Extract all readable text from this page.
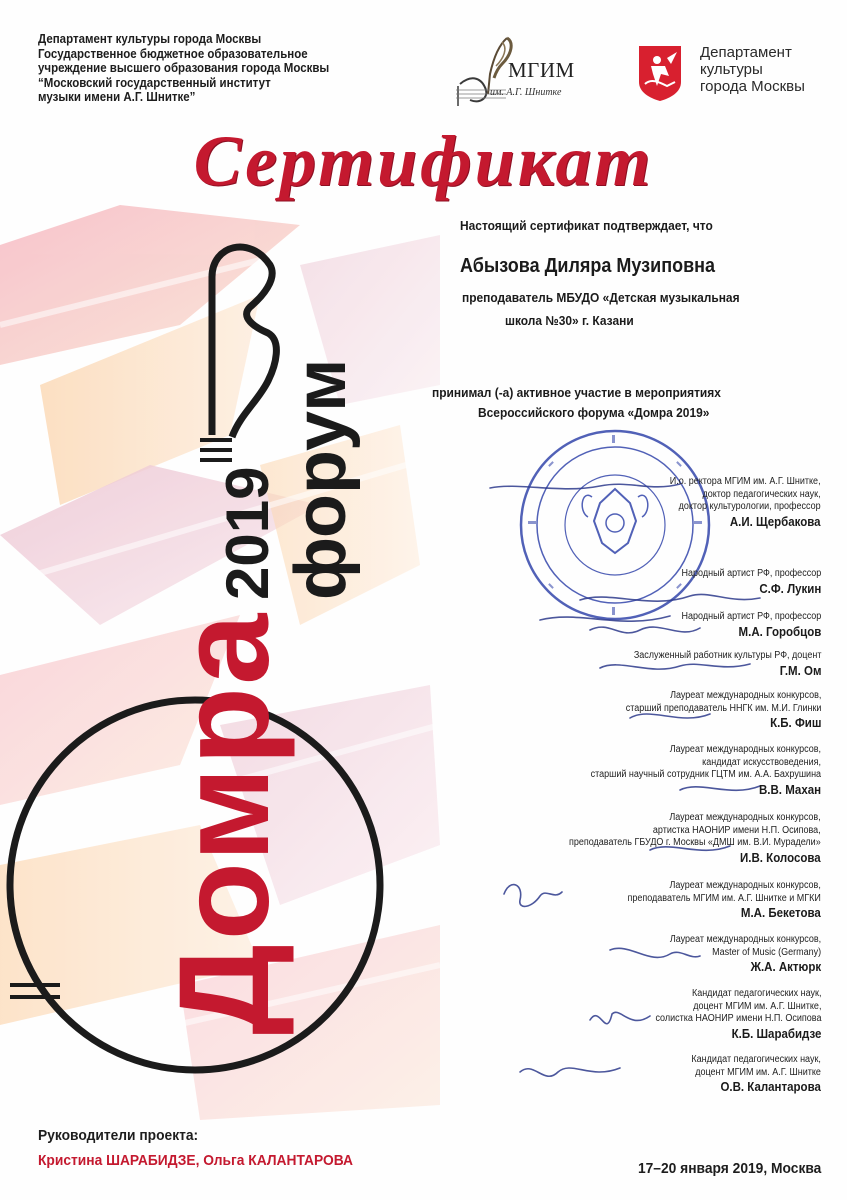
Департамент культуры города Москвы
Государственное бюджетное образовательное
учреждение высшего образования города Москвы
“Московский государственный институт
музыки имени А.Г. Шнитке”
МГИМ
им. А.Г. Шнитке
Департамент
культуры
города Москвы
Сертификат
Домра
форум
2019
Настоящий сертификат подтверждает, что
Абызова Диляра Музиповна
преподаватель МБУДО «Детская музыкальная
школа №30» г. Казани
принимал (-а) активное участие в мероприятиях
Всероссийского форума «Домра 2019»
И.о. ректора МГИМ им. А.Г. Шнитке,
доктор педагогических наук,
доктор культурологии, профессор
А.И. Щербакова
Народный артист РФ, профессор
С.Ф. Лукин
Народный артист РФ, профессор
М.А. Горобцов
Заслуженный работник культуры РФ, доцент
Г.М. Ом
Лауреат международных конкурсов,
старший преподаватель ННГК им. М.И. Глинки
К.Б. Фиш
Лауреат международных конкурсов,
кандидат искусствоведения,
старший научный сотрудник ГЦТМ им. А.А. Бахрушина
В.В. Махан
Лауреат международных конкурсов,
артистка НАОНИР имени Н.П. Осипова,
преподаватель ГБУДО г. Москвы «ДМШ им. В.И. Мурадели»
И.В. Колосова
Лауреат международных конкурсов,
преподаватель МГИМ им. А.Г. Шнитке и МГКИ
М.А. Бекетова
Лауреат международных конкурсов,
Master of Music (Germany)
Ж.А. Актюрк
Кандидат педагогических наук,
доцент МГИМ им. А.Г. Шнитке,
солистка НАОНИР имени Н.П. Осипова
К.Б. Шарабидзе
Кандидат педагогических наук,
доцент МГИМ им. А.Г. Шнитке
О.В. Калантарова
Руководители проекта:
Кристина ШАРАБИДЗЕ, Ольга КАЛАНТАРОВА	17–20 января 2019, Москва
